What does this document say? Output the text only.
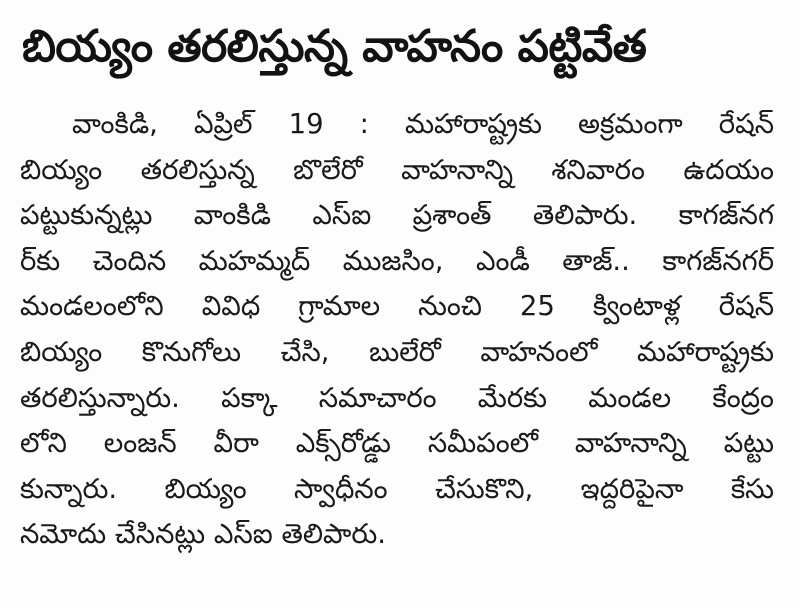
బియ్యం తరలిస్తున్న వాహనం పట్టివేత
వాంకిడి, ఏప్రిల్ 19 : మహారాష్ట్రకు అక్రమంగా రేషన్
బియ్యం తరలిస్తున్న బొలేరో వాహనాన్ని శనివారం ఉదయం
పట్టుకున్నట్లు వాంకిడి ఎస్ఐ ప్రశాంత్ తెలిపారు. కాగజ్‌నగ
ర్‌కు చెందిన మహమ్మద్ ముజసిం, ఎండీ తాజ్.. కాగజ్‌నగర్
మండలంలోని వివిధ గ్రామాల నుంచి 25 క్వింటాళ్ల రేషన్
బియ్యం కొనుగోలు చేసి, బులేరో వాహనంలో మహారాష్ట్రకు
తరలిస్తున్నారు. పక్కా సమాచారం మేరకు మండల కేంద్రం
లోని లంజన్ వీరా ఎక్స్‌రోడ్డు సమీపంలో వాహనాన్ని పట్టు
కున్నారు. బియ్యం స్వాధీనం చేసుకొని, ఇద్దరిపైనా కేసు
నమోదు చేసినట్లు ఎస్ఐ తెలిపారు.
